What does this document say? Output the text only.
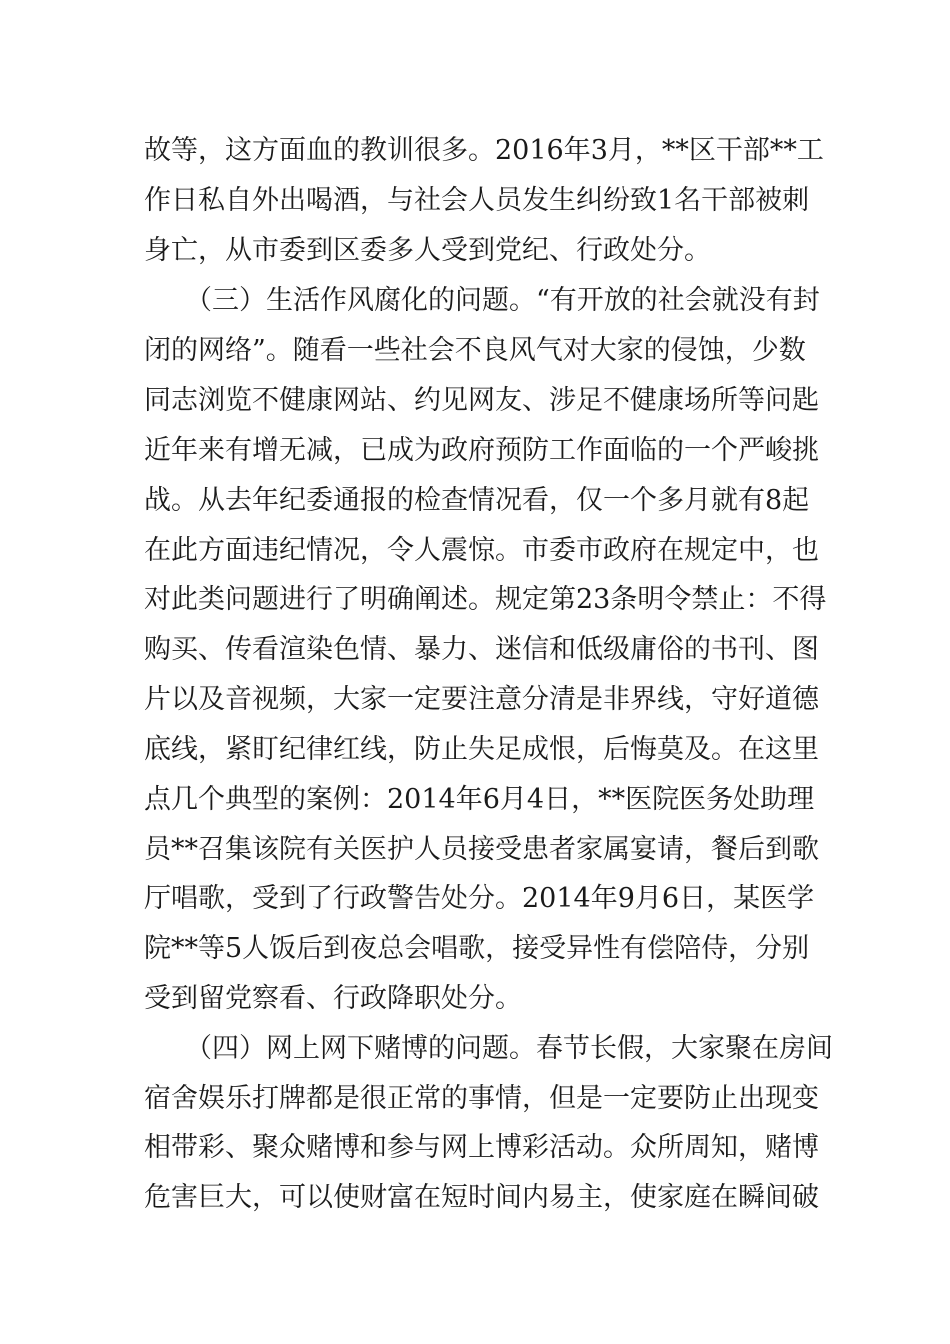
故等，这方面血的教训很多。2016年3月，**区干部**工
作日私自外出喝酒，与社会人员发生纠纷致1名干部被刺
身亡，从市委到区委多人受到党纪、行政处分。
（三）生活作风腐化的问题。“有开放的社会就没有封
闭的网络”。随看一些社会不良风气对大家的侵蚀，少数
同志浏览不健康网站、约见网友、涉足不健康场所等问匙
近年来有增无减，已成为政府预防工作面临的一个严峻挑
战。从去年纪委通报的检查情况看，仅一个多月就有8起
在此方面违纪情况，令人震惊。市委市政府在规定中，也
对此类问题进行了明确阐述。规定第23条明令禁止：不得
购买、传看渲染色情、暴力、迷信和低级庸俗的书刊、图
片以及音视频，大家一定要注意分清是非界线，守好道德
底线，紧盯纪律红线，防止失足成恨，后悔莫及。在这里
点几个典型的案例：2014年6月4日，**医院医务处助理
员**召集该院有关医护人员接受患者家属宴请，餐后到歌
厅唱歌，受到了行政警告处分。2014年9月6日，某医学
院**等5人饭后到夜总会唱歌，接受异性有偿陪侍，分别
受到留党察看、行政降职处分。
（四）网上网下赌博的问题。春节长假，大家聚在房间
宿舍娱乐打牌都是很正常的事情，但是一定要防止出现变
相带彩、聚众赌博和参与网上博彩活动。众所周知，赌博
危害巨大，可以使财富在短时间内易主，使家庭在瞬间破
